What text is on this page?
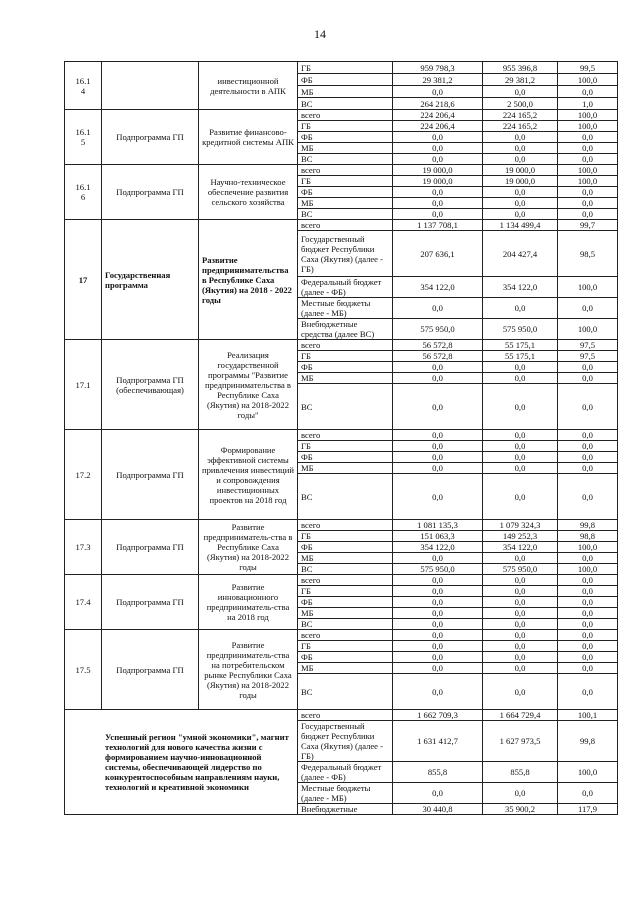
14
16.1
4		инвестиционной деятельности в АПК	ГБ	959 798,3	955 396,8	99,5
			ФБ	29 381,2	29 381,2	100,0
			МБ	0,0	0,0	0,0
			ВС	264 218,6	2 500,0	1,0
16.1
5	Подпрограмма ГП	Развитие финансово-кредитной системы АПК	всего	224 206,4	224 165,2	100,0
			ГБ	224 206,4	224 165,2	100,0
			ФБ	0,0	0,0	0,0
			МБ	0,0	0,0	0,0
			ВС	0,0	0,0	0,0
16.1
6	Подпрограмма ГП	Научно-техническое обеспечение развития сельского хозяйства	всего	19 000,0	19 000,0	100,0
			ГБ	19 000,0	19 000,0	100,0
			ФБ	0,0	0,0	0,0
			МБ	0,0	0,0	0,0
			ВС	0,0	0,0	0,0
17	Государственная программа	Развитие предпринимательства в Республике Саха (Якутия) на 2018 - 2022 годы	всего	1 137 708,1	1 134 499,4	99,7
			Государственный бюджет Республики Саха (Якутия) (далее - ГБ)	207 636,1	204 427,4	98,5
			Федеральный бюджет (далее - ФБ)	354 122,0	354 122,0	100,0
			Местные бюджеты (далее - МБ)	0,0	0,0	0,0
			Внебюджетные средства (далее ВС)	575 950,0	575 950,0	100,0
17.1	Подпрограмма ГП (обеспечивающая)	Реализация государственной программы "Развитие предпринимательства в Республике Саха (Якутия) на 2018-2022 годы"	всего	56 572,8	55 175,1	97,5
			ГБ	56 572,8	55 175,1	97,5
			ФБ	0,0	0,0	0,0
			МБ	0,0	0,0	0,0
			ВС	0,0	0,0	0,0
17.2	Подпрограмма ГП	Формирование эффективной системы привлечения инвестиций и сопровождения инвестиционных проектов на 2018 год	всего	0,0	0,0	0,0
			ГБ	0,0	0,0	0,0
			ФБ	0,0	0,0	0,0
			МБ	0,0	0,0	0,0
			ВС	0,0	0,0	0,0
17.3	Подпрограмма ГП	Развитие предприниматель-ства в Республике Саха (Якутия) на 2018-2022 годы	всего	1 081 135,3	1 079 324,3	99,8
			ГБ	151 063,3	149 252,3	98,8
			ФБ	354 122,0	354 122,0	100,0
			МБ	0,0	0,0	0,0
			ВС	575 950,0	575 950,0	100,0
17.4	Подпрограмма ГП	Развитие инновационного предприниматель-ства на 2018 год	всего	0,0	0,0	0,0
			ГБ	0,0	0,0	0,0
			ФБ	0,0	0,0	0,0
			МБ	0,0	0,0	0,0
			ВС	0,0	0,0	0,0
17.5	Подпрограмма ГП	Развитие предприниматель-ства на потребительском рынке Республики Саха (Якутия) на 2018-2022 годы	всего	0,0	0,0	0,0
			ГБ	0,0	0,0	0,0
			ФБ	0,0	0,0	0,0
			МБ	0,0	0,0	0,0
			ВС	0,0	0,0	0,0
Успешный регион "умной экономики", магнит технологий для нового качества жизни с формированием научно-инновационной системы, обеспечивающей лидерство по конкурентоспособным направлениям науки, технологий и креативной экономики			всего	1 662 709,3	1 664 729,4	100,1
			Государственный бюджет Республики Саха (Якутия) (далее - ГБ)	1 631 412,7	1 627 973,5	99,8
			Федеральный бюджет (далее - ФБ)	855,8	855,8	100,0
			Местные бюджеты (далее - МБ)	0,0	0,0	0,0
			Внебюджетные	30 440,8	35 900,2	117,9
